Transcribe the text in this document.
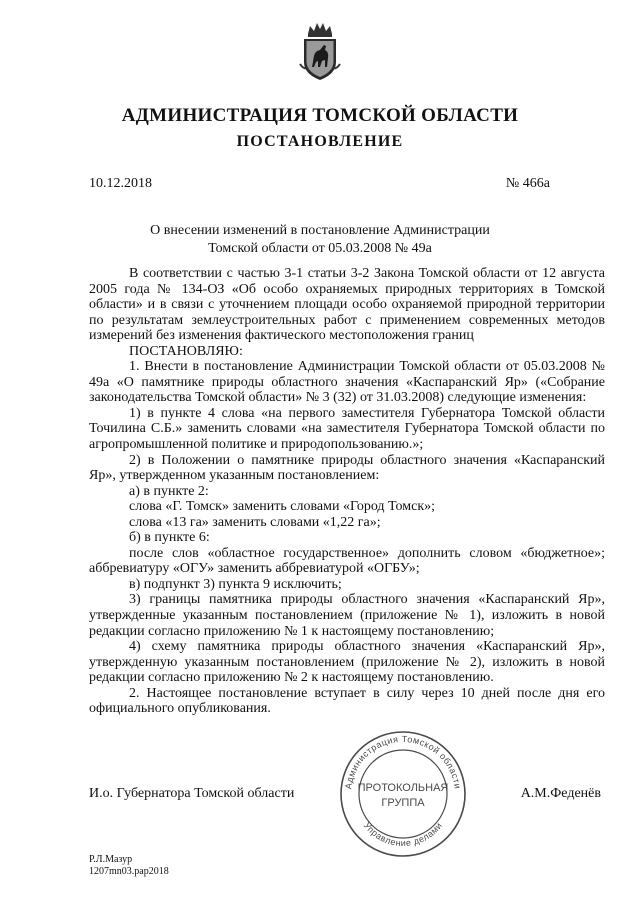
АДМИНИСТРАЦИЯ ТОМСКОЙ ОБЛАСТИ
ПОСТАНОВЛЕНИЕ
10.12.2018	№ 466а
О внесении изменений в постановление Администрации
Томской области от 05.03.2008 № 49а

В соответствии с частью 3-1 статьи 3-2 Закона Томской области от 12 августа 2005 года № 134-ОЗ «Об особо охраняемых природных территориях в Томской области» и в связи с уточнением площади особо охраняемой природной территории по результатам землеустроительных работ с применением современных методов измерений без изменения фактического местоположения границ

ПОСТАНОВЛЯЮ:

1. Внести в постановление Администрации Томской области от 05.03.2008 № 49а «О памятнике природы областного значения «Каспаранский Яр» («Собрание законодательства Томской области» № 3 (32) от 31.03.2008) следующие изменения:

1) в пункте 4 слова «на первого заместителя Губернатора Томской области Точилина С.Б.» заменить словами «на заместителя Губернатора Томской области по агропромышленной политике и природопользованию.»;

2) в Положении о памятнике природы областного значения «Каспаранский Яр», утвержденном указанным постановлением:

а) в пункте 2:

слова «Г. Томск» заменить словами «Город Томск»;

слова «13 га» заменить словами «1,22 га»;

б) в пункте 6:

после слов «областное государственное» дополнить словом «бюджетное»; аббревиатуру «ОГУ» заменить аббревиатурой «ОГБУ»;

в) подпункт 3) пункта 9 исключить;

3) границы памятника природы областного значения «Каспаранский Яр», утвержденные указанным постановлением (приложение № 1), изложить в новой редакции согласно приложению № 1 к настоящему постановлению;

4) схему памятника природы областного значения «Каспаранский Яр», утвержденную указанным постановлением (приложение № 2), изложить в новой редакции согласно приложению № 2 к настоящему постановлению.

2. Настоящее постановление вступает в силу через 10 дней после дня его официального опубликования.

И.о. Губернатора Томской области	А.М.Феденёв
Администрация Томской области
Управление делами
ПРОТОКОЛЬНАЯ
ГРУППА
Р.Л.Мазур
1207mn03.рар2018
